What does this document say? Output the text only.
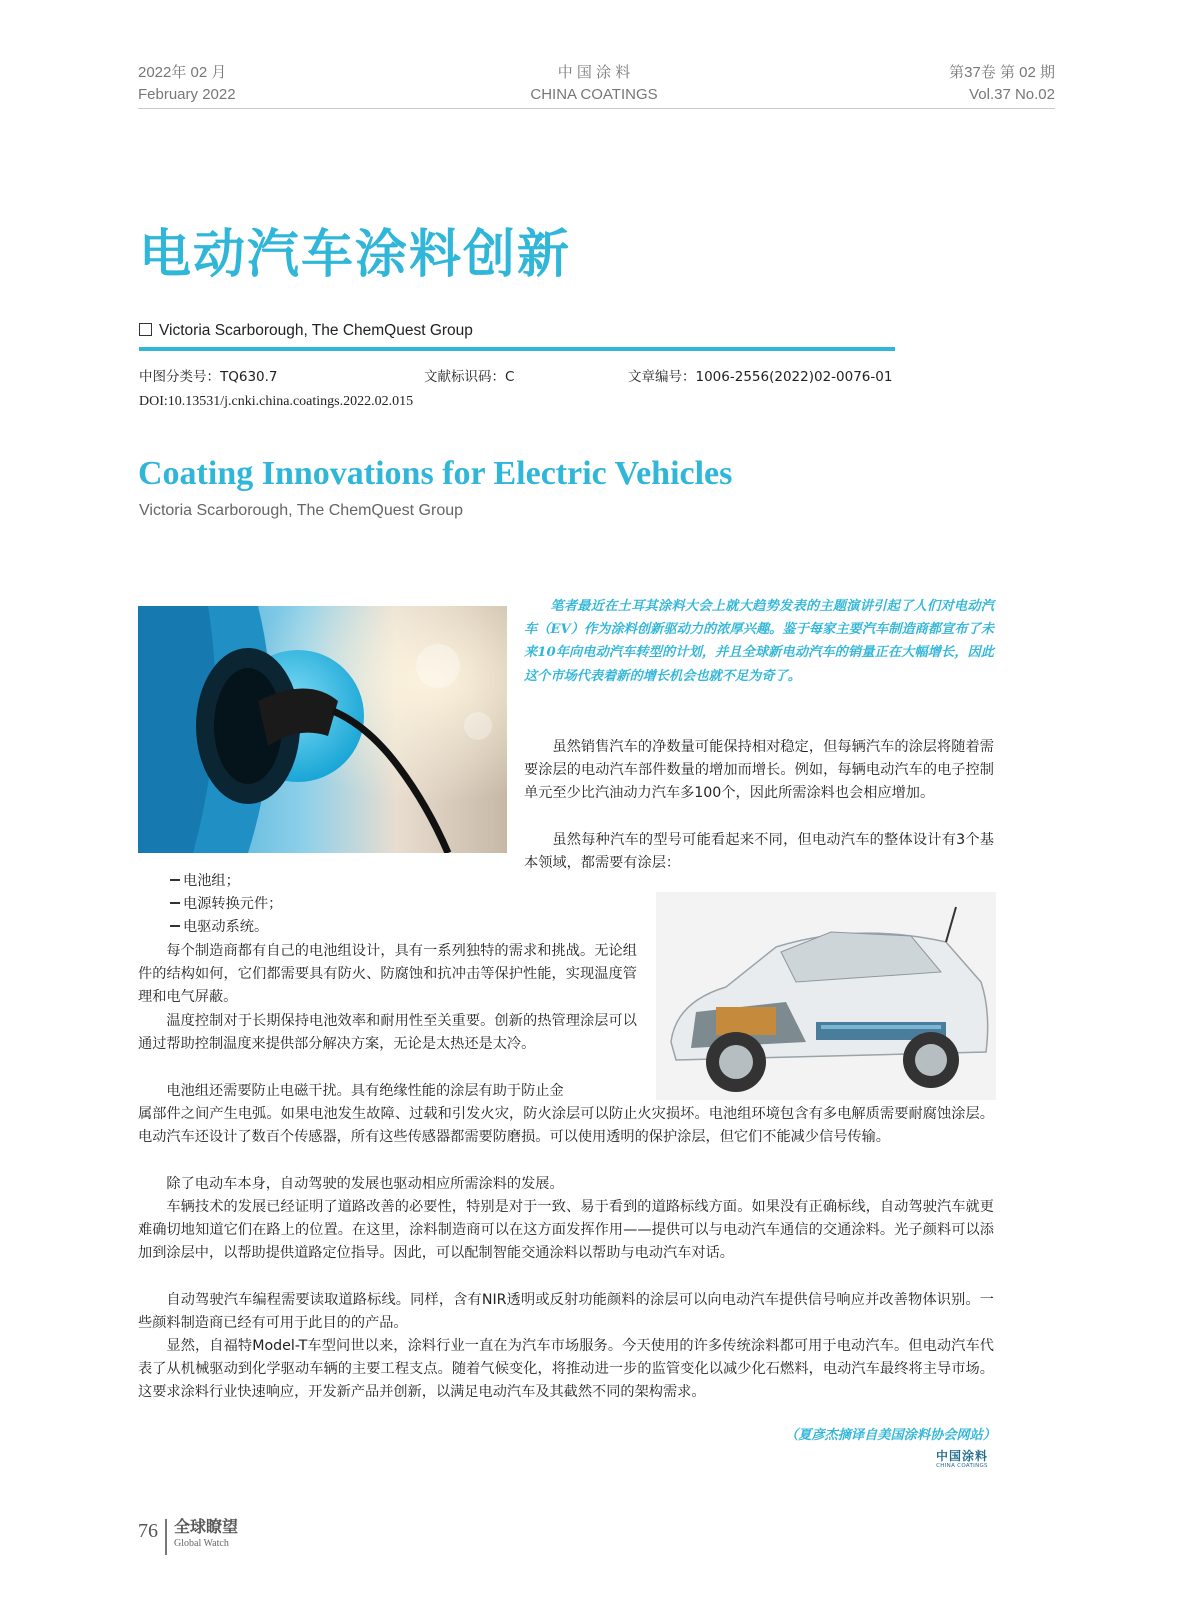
2022年 02 月
February 2022
中 国 涂 料
CHINA COATINGS
第37卷 第 02 期
Vol.37 No.02
电动汽车涂料创新
Victoria Scarborough, The ChemQuest Group
中图分类号：TQ630.7	文献标识码：C	文章编号：1006-2556(2022)02-0076-01
DOI:10.13531/j.cnki.china.coatings.2022.02.015
Coating Innovations for Electric Vehicles
Victoria Scarborough, The ChemQuest Group

笔者最近在土耳其涂料大会上就大趋势发表的主题演讲引起了人们对电动汽车（EV）作为涂料创新驱动力的浓厚兴趣。鉴于每家主要汽车制造商都宣布了未来10年向电动汽车转型的计划，并且全球新电动汽车的销量正在大幅增长，因此这个市场代表着新的增长机会也就不足为奇了。

虽然销售汽车的净数量可能保持相对稳定，但每辆汽车的涂层将随着需要涂层的电动汽车部件数量的增加而增长。例如，每辆电动汽车的电子控制单元至少比汽油动力汽车多100个，因此所需涂料也会相应增加。

虽然每种汽车的型号可能看起来不同，但电动汽车的整体设计有3个基本领域，都需要有涂层：

电池组；
电源转换元件；
电驱动系统。

每个制造商都有自己的电池组设计，具有一系列独特的需求和挑战。无论组件的结构如何，它们都需要具有防火、防腐蚀和抗冲击等保护性能，实现温度管理和电气屏蔽。

温度控制对于长期保持电池效率和耐用性至关重要。创新的热管理涂层可以通过帮助控制温度来提供部分解决方案，无论是太热还是太冷。

电池组还需要防止电磁干扰。具有绝缘性能的涂层有助于防止金

属部件之间产生电弧。如果电池发生故障、过载和引发火灾，防火涂层可以防止火灾损坏。电池组环境包含有多电解质需要耐腐蚀涂层。电动汽车还设计了数百个传感器，所有这些传感器都需要防磨损。可以使用透明的保护涂层，但它们不能减少信号传输。

除了电动车本身，自动驾驶的发展也驱动相应所需涂料的发展。

车辆技术的发展已经证明了道路改善的必要性，特别是对于一致、易于看到的道路标线方面。如果没有正确标线，自动驾驶汽车就更难确切地知道它们在路上的位置。在这里，涂料制造商可以在这方面发挥作用——提供可以与电动汽车通信的交通涂料。光子颜料可以添加到涂层中，以帮助提供道路定位指导。因此，可以配制智能交通涂料以帮助与电动汽车对话。

自动驾驶汽车编程需要读取道路标线。同样，含有NIR透明或反射功能颜料的涂层可以向电动汽车提供信号响应并改善物体识别。一些颜料制造商已经有可用于此目的的产品。

显然，自福特Model-T车型问世以来，涂料行业一直在为汽车市场服务。今天使用的许多传统涂料都可用于电动汽车。但电动汽车代表了从机械驱动到化学驱动车辆的主要工程支点。随着气候变化，将推动进一步的监管变化以减少化石燃料，电动汽车最终将主导市场。这要求涂料行业快速响应，开发新产品并创新，以满足电动汽车及其截然不同的架构需求。

（夏彦杰摘译自美国涂料协会网站）
中国涂料
CHINA COATINGS
76 全球瞭望
Global Watch
